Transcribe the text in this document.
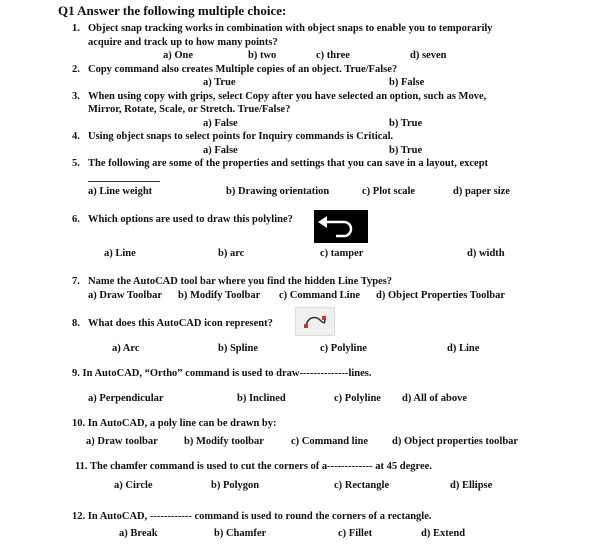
Q1 Answer the following multiple choice:
1. Object snap tracking works in combination with object snaps to enable you to temporarily
acquire and track up to how many points?
a) One	b) two	c) three	d) seven
2. Copy command also creates Multiple copies of an object. True/False?
a) True	b) False
3. When using copy with grips, select Copy after you have selected an option, such as Move,
Mirror, Rotate, Scale, or Stretch. True/False?
a) False	b) True
4. Using object snaps to select points for Inquiry commands is Critical.
a) False	b) True
5. The following are some of the properties and settings that you can save in a layout, except
a) Line weight	b) Drawing orientation	c) Plot scale	d) paper size
6. Which options are used to draw this polyline?
a) Line	b) arc	c) tamper	d) width
7. Name the AutoCAD tool bar where you find the hidden Line Types?
a) Draw Toolbar b) Modify Toolbar c) Command Line d) Object Properties Toolbar
8. What does this AutoCAD icon represent?
a) Arc	b) Spline	c) Polyline	d) Line
9. In AutoCAD, “Ortho” command is used to draw--------------lines.
a) Perpendicular	b) Inclined	c) Polyline d) All of above
10. In AutoCAD, a poly line can be drawn by:
a) Draw toolbar	b) Modify toolbar	c) Command line d) Object properties toolbar
11. The chamfer command is used to cut the corners of a------------- at 45 degree.
a) Circle	b) Polygon	c) Rectangle	d) Ellipse
12. In AutoCAD, ------------ command is used to round the corners of a rectangle.
a) Break	b) Chamfer	c) Fillet	d) Extend
